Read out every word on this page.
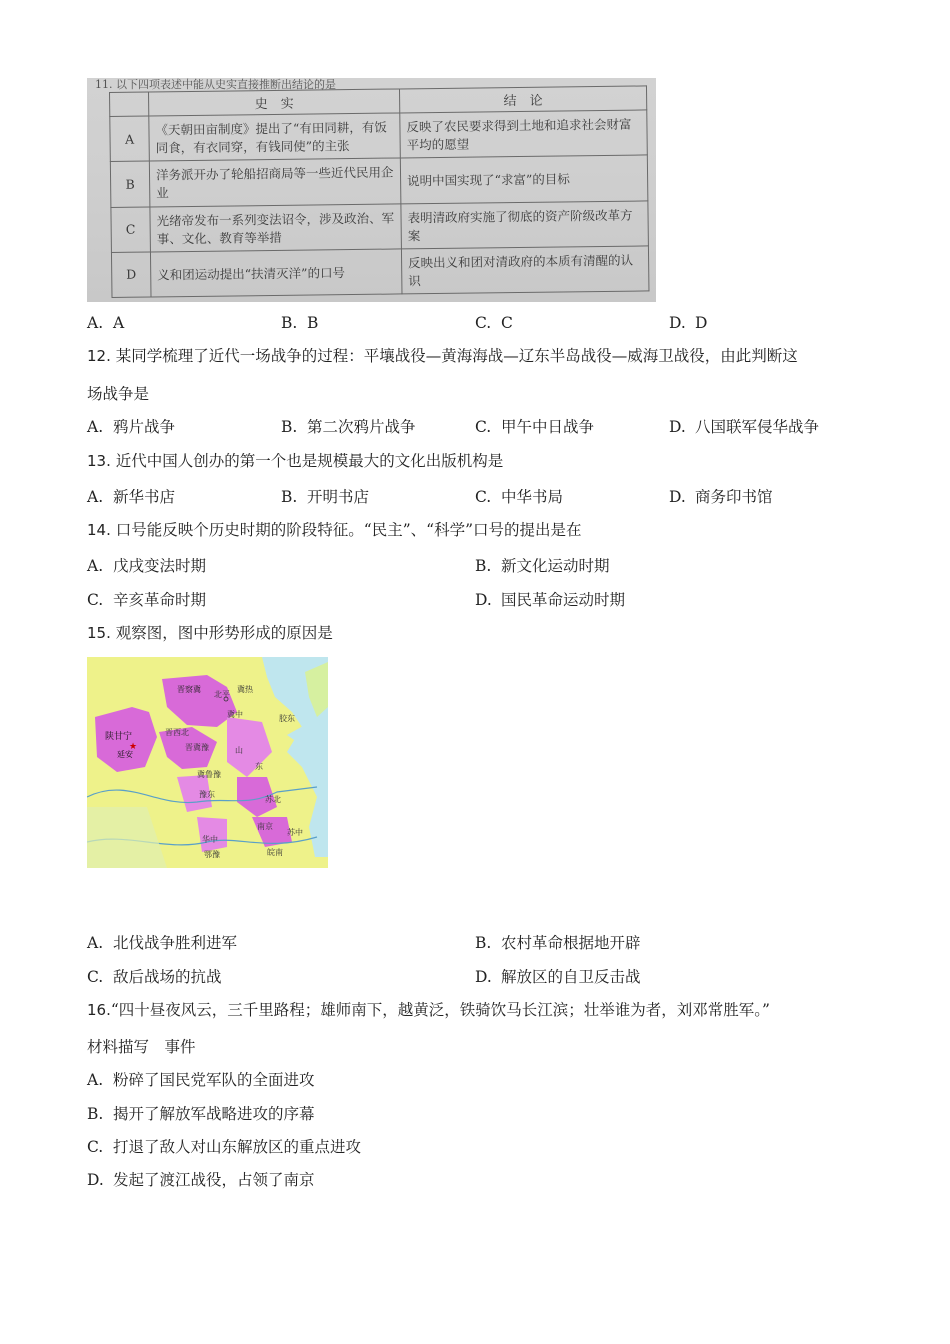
11. 以下四项表述中能从史实直接推断出结论的是
	史　实	结　论
A	《天朝田亩制度》提出了“有田同耕，有饭同食，有衣同穿，有钱同使”的主张	反映了农民要求得到土地和追求社会财富平均的愿望
B	洋务派开办了轮船招商局等一些近代民用企业	说明中国实现了“求富”的目标
C	光绪帝发布一系列变法诏令，涉及政治、军事、文化、教育等举措	表明清政府实施了彻底的资产阶级改革方案
D	义和团运动提出“扶清灭洋”的口号	反映出义和团对清政府的本质有清醒的认识
A. A	B. B	C. C	D. D
12. 某同学梳理了近代一场战争的过程：平壤战役—黄海海战—辽东半岛战役—威海卫战役，由此判断这
场战争是
A. 鸦片战争	B. 第二次鸦片战争	C. 甲午中日战争	D. 八国联军侵华战争
13. 近代中国人创办的第一个也是规模最大的文化出版机构是
A. 新华书店	B. 开明书店	C. 中华书局	D. 商务印书馆
14. 口号能反映个历史时期的阶段特征。“民主”、“科学”口号的提出是在
A. 戊戌变法时期	B. 新文化运动时期
C. 辛亥革命时期	D. 国民革命运动时期
15. 观察图，图中形势形成的原因是
北平
晋察冀	冀热
冀中
晋西北
陕甘宁
延安
晋冀豫	山
东
冀鲁豫
胶东
豫东
苏北
南京
苏中
华中
皖南
鄂豫
★
A. 北伐战争胜利进军	B. 农村革命根据地开辟
C. 敌后战场的抗战	D. 解放区的自卫反击战
16.“四十昼夜风云，三千里路程；雄师南下，越黄泛，铁骑饮马长江滨；壮举谁为者，刘邓常胜军。”
材料描写　事件
A. 粉碎了国民党军队的全面进攻
B. 揭开了解放军战略进攻的序幕
C. 打退了敌人对山东解放区的重点进攻
D. 发起了渡江战役，占领了南京
